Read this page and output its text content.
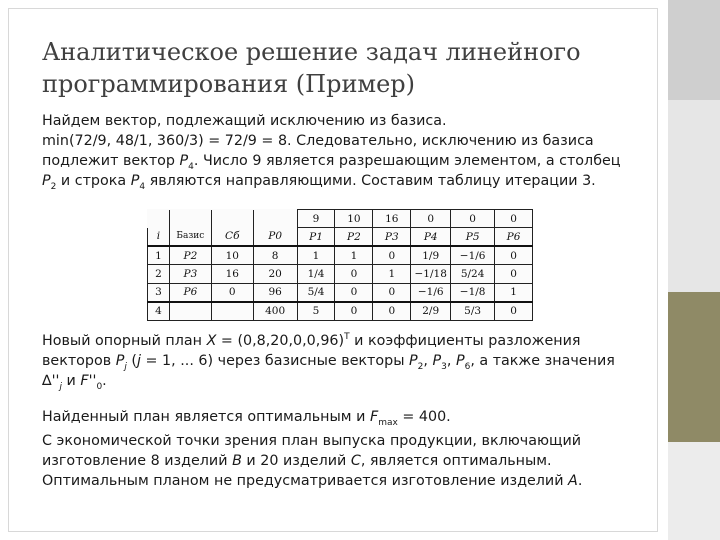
Аналитическое решение задач линейного программирования (Пример)
Найдем вектор, подлежащий исключению из базиса.
min(72/9, 48/1, 360/3) = 72/9 = 8. Следовательно, исключению из базиса
подлежит вектор $P_4$. Число 9 является разрешающим элементом, а столбец
$P_2$ и строка $P_4$ являются направляющими. Составим таблицу итерации 3.
				9	10	16	0	0	0
i	Базис	Cб	P0	P1	P2	P3	P4	P5	P6
1	P2	10	8	1	1	0	1/9	−1/6	0
2	P3	16	20	1/4	0	1	−1/18	5/24	0
3	P6	0	96	5/4	0	0	−1/6	−1/8	1
4			400	5	0	0	2/9	5/3	0
Новый опорный план $X = (0,8,20,0,0,96)^T$ и коэффициенты разложения
векторов $P_j$ (j = 1, ... 6) через базисные векторы $P_2$, $P_3$, $P_6$, а также значения
$\Delta''_j$ и $F''_0$.
Найденный план является оптимальным и $F_{max} = 400$.
С экономической точки зрения план выпуска продукции, включающий
изготовление 8 изделий В и 20 изделий С, является оптимальным.
Оптимальным планом не предусматривается изготовление изделий А.
